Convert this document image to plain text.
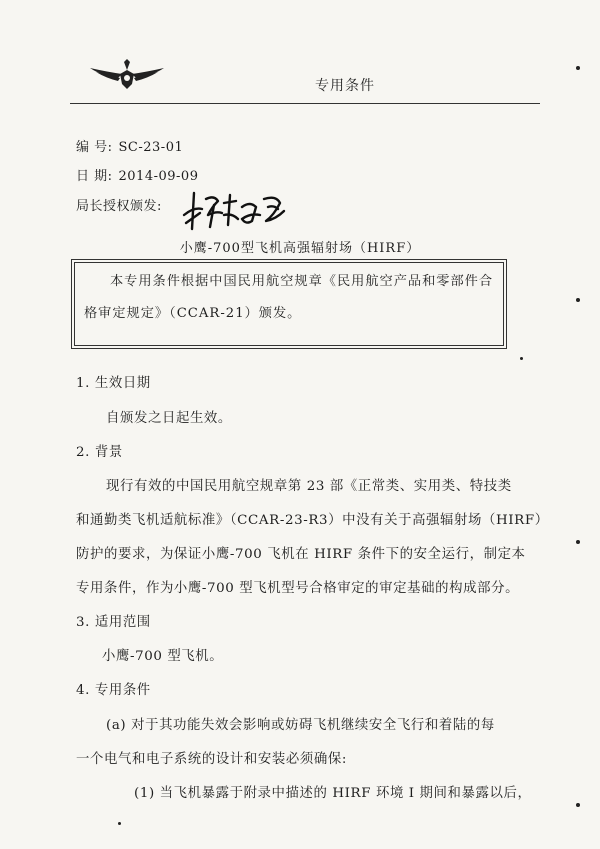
专用条件
编 号: SC-23-01
日 期: 2014-09-09
局长授权颁发:
小鹰-700型飞机高强辐射场（HIRF）
本专用条件根据中国民用航空规章《民用航空产品和零部件合
格审定规定》（CCAR-21）颁发。
1. 生效日期
自颁发之日起生效。
2. 背景
现行有效的中国民用航空规章第 23 部《正常类、实用类、特技类
和通勤类飞机适航标准》（CCAR-23-R3）中没有关于高强辐射场（HIRF）
防护的要求，为保证小鹰-700 飞机在 HIRF 条件下的安全运行，制定本
专用条件，作为小鹰-700 型飞机型号合格审定的审定基础的构成部分。
3. 适用范围
小鹰-700 型飞机。
4. 专用条件
(a) 对于其功能失效会影响或妨碍飞机继续安全飞行和着陆的每
一个电气和电子系统的设计和安装必须确保:
(1) 当飞机暴露于附录中描述的 HIRF 环境 I 期间和暴露以后，
